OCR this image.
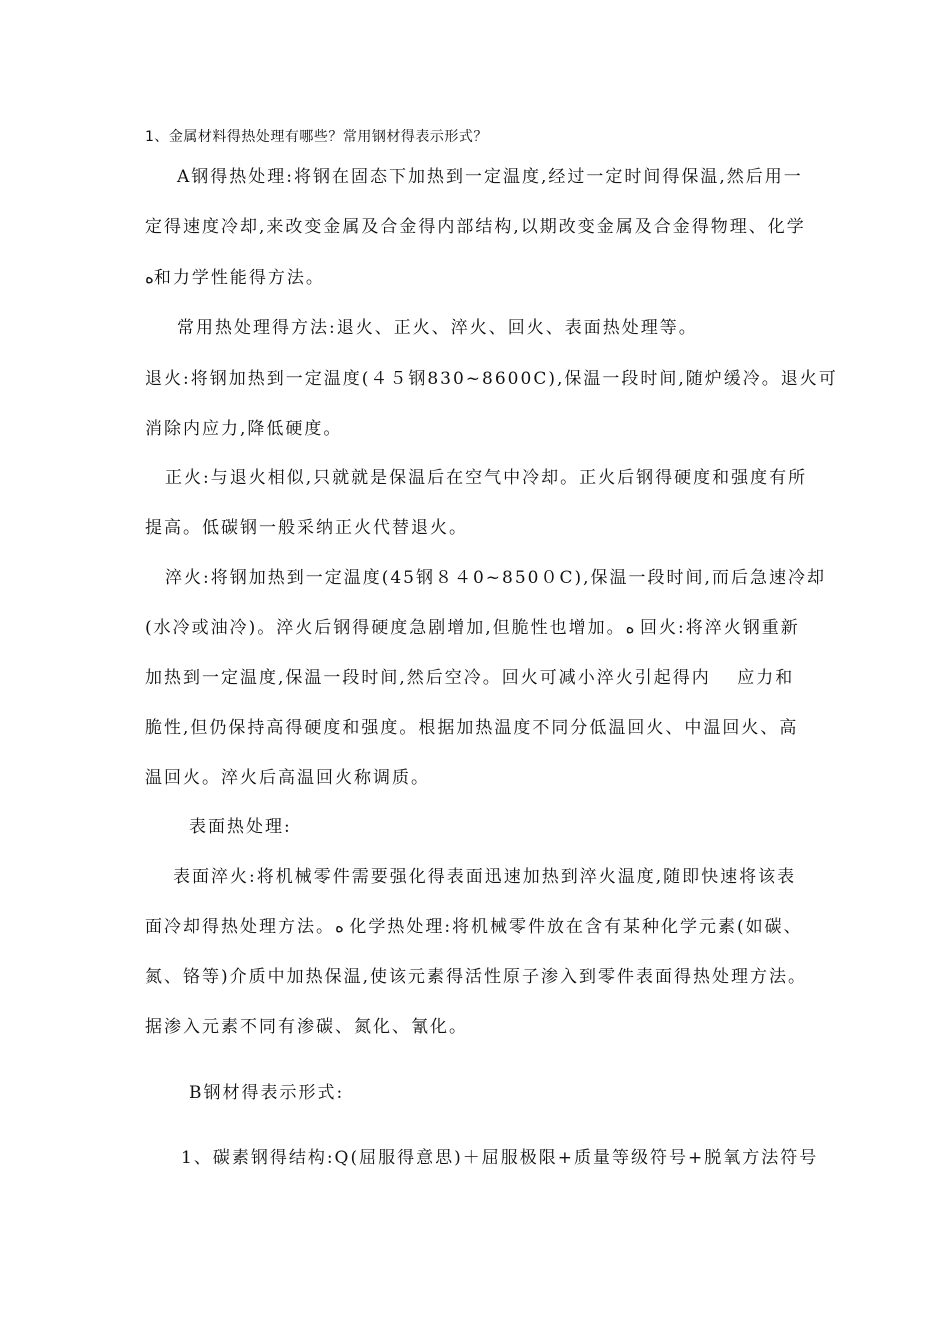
1、金属材料得热处理有哪些？常用钢材得表示形式？
A钢得热处理:将钢在固态下加热到一定温度,经过一定时间得保温,然后用一
定得速度冷却,来改变金属及合金得内部结构,以期改变金属及合金得物理、化学
ﻩ和力学性能得方法。
常用热处理得方法:退火、正火、淬火、回火、表面热处理等。
退火:将钢加热到一定温度(４５钢830~8600C),保温一段时间,随炉缓冷。退火可
消除内应力,降低硬度。
正火:与退火相似,只就就是保温后在空气中冷却。正火后钢得硬度和强度有所
提高。低碳钢一般采纳正火代替退火。
淬火:将钢加热到一定温度(45钢８４0~850０C),保温一段时间,而后急速冷却
(水冷或油冷)。淬火后钢得硬度急剧增加,但脆性也增加。ﻩ 回火:将淬火钢重新
加热到一定温度,保温一段时间,然后空冷。回火可减小淬火引起得内　 应力和
脆性,但仍保持高得硬度和强度。根据加热温度不同分低温回火、中温回火、高
温回火。淬火后高温回火称调质。
表面热处理:
表面淬火:将机械零件需要强化得表面迅速加热到淬火温度,随即快速将该表
面冷却得热处理方法。ﻩ 化学热处理:将机械零件放在含有某种化学元素(如碳、
氮、铬等)介质中加热保温,使该元素得活性原子渗入到零件表面得热处理方法。
据渗入元素不同有渗碳、氮化、氰化。
B钢材得表示形式:
1、碳素钢得结构:Q(屈服得意思)＋屈服极限+质量等级符号+脱氧方法符号
